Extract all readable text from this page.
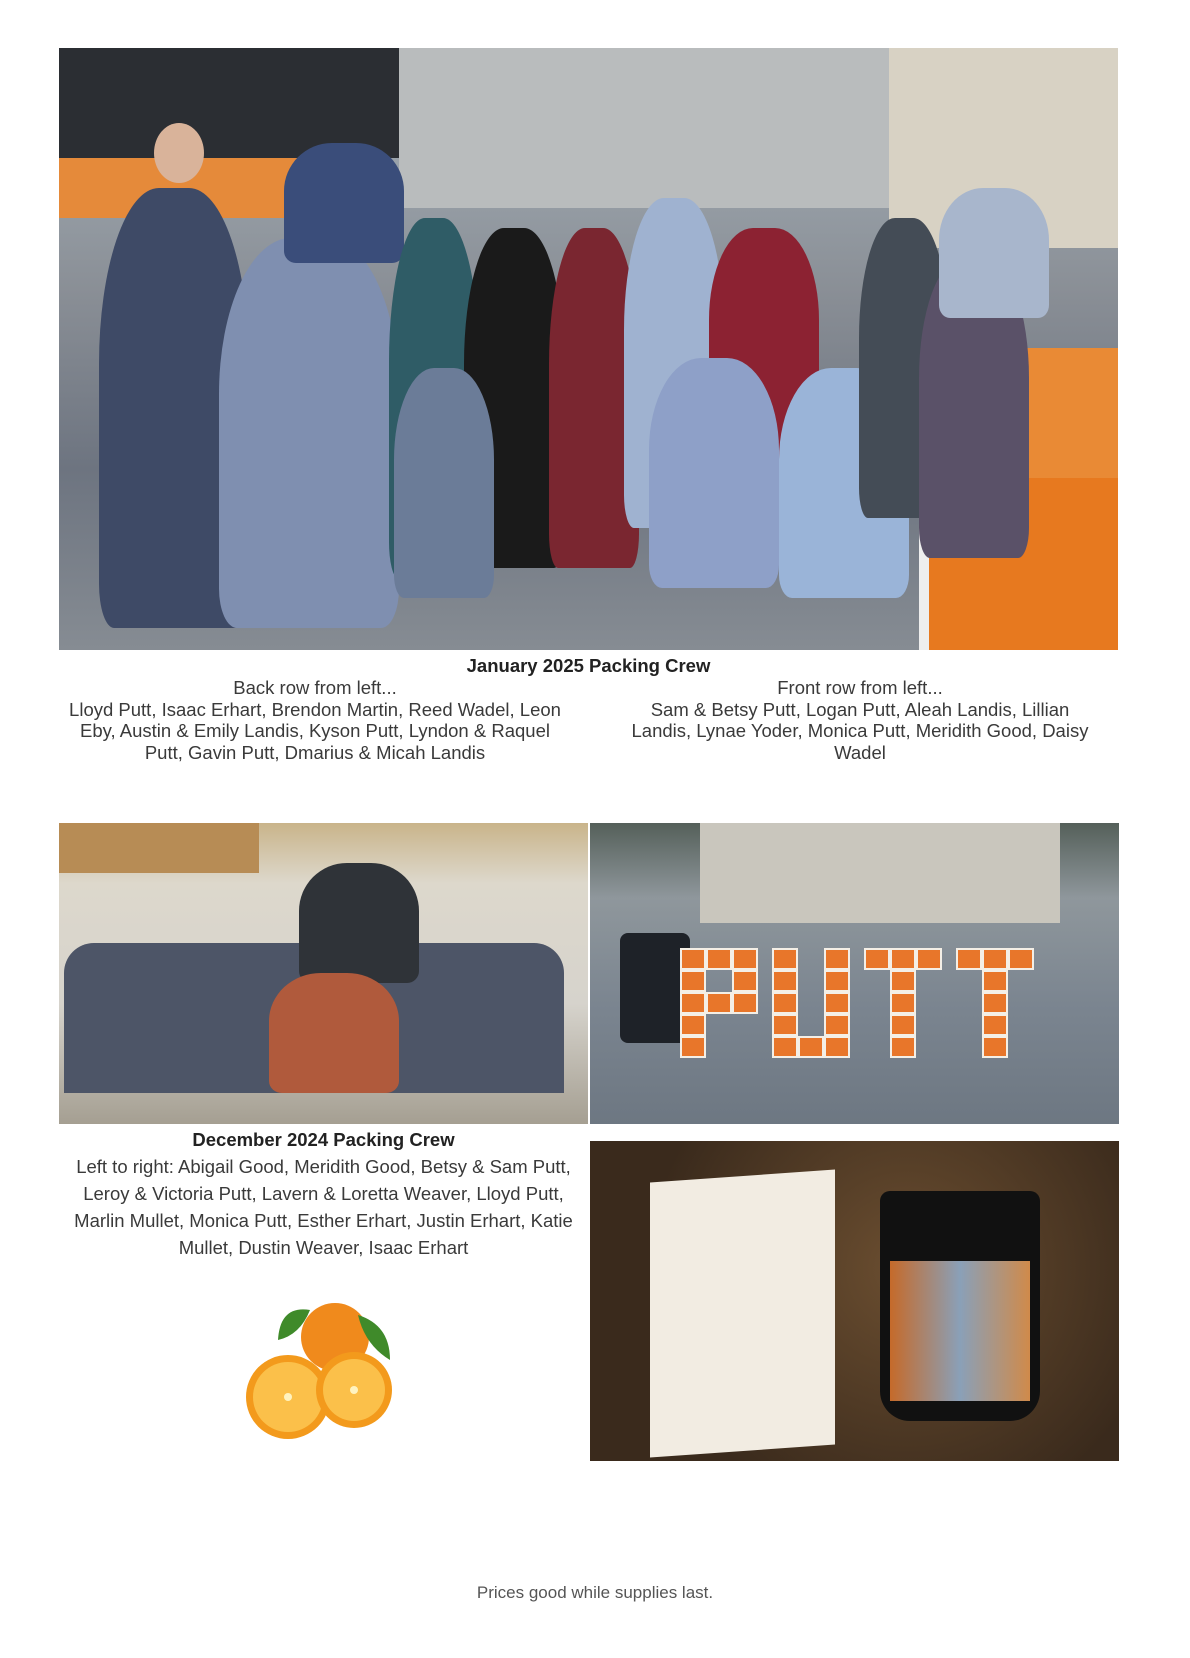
January 2025 Packing Crew
Back row from left...
Lloyd Putt, Isaac Erhart, Brendon Martin, Reed Wadel, Leon Eby, Austin & Emily Landis, Kyson Putt, Lyndon & Raquel Putt, Gavin Putt, Dmarius & Micah Landis
Front row from left...
Sam & Betsy Putt, Logan Putt, Aleah Landis, Lillian Landis, Lynae Yoder, Monica Putt, Meridith Good, Daisy Wadel
December 2024 Packing Crew
Left to right: Abigail Good, Meridith Good, Betsy & Sam Putt, Leroy & Victoria Putt, Lavern & Loretta Weaver, Lloyd Putt, Marlin Mullet, Monica Putt, Esther Erhart, Justin Erhart, Katie Mullet, Dustin Weaver, Isaac Erhart
Prices good while supplies last.
